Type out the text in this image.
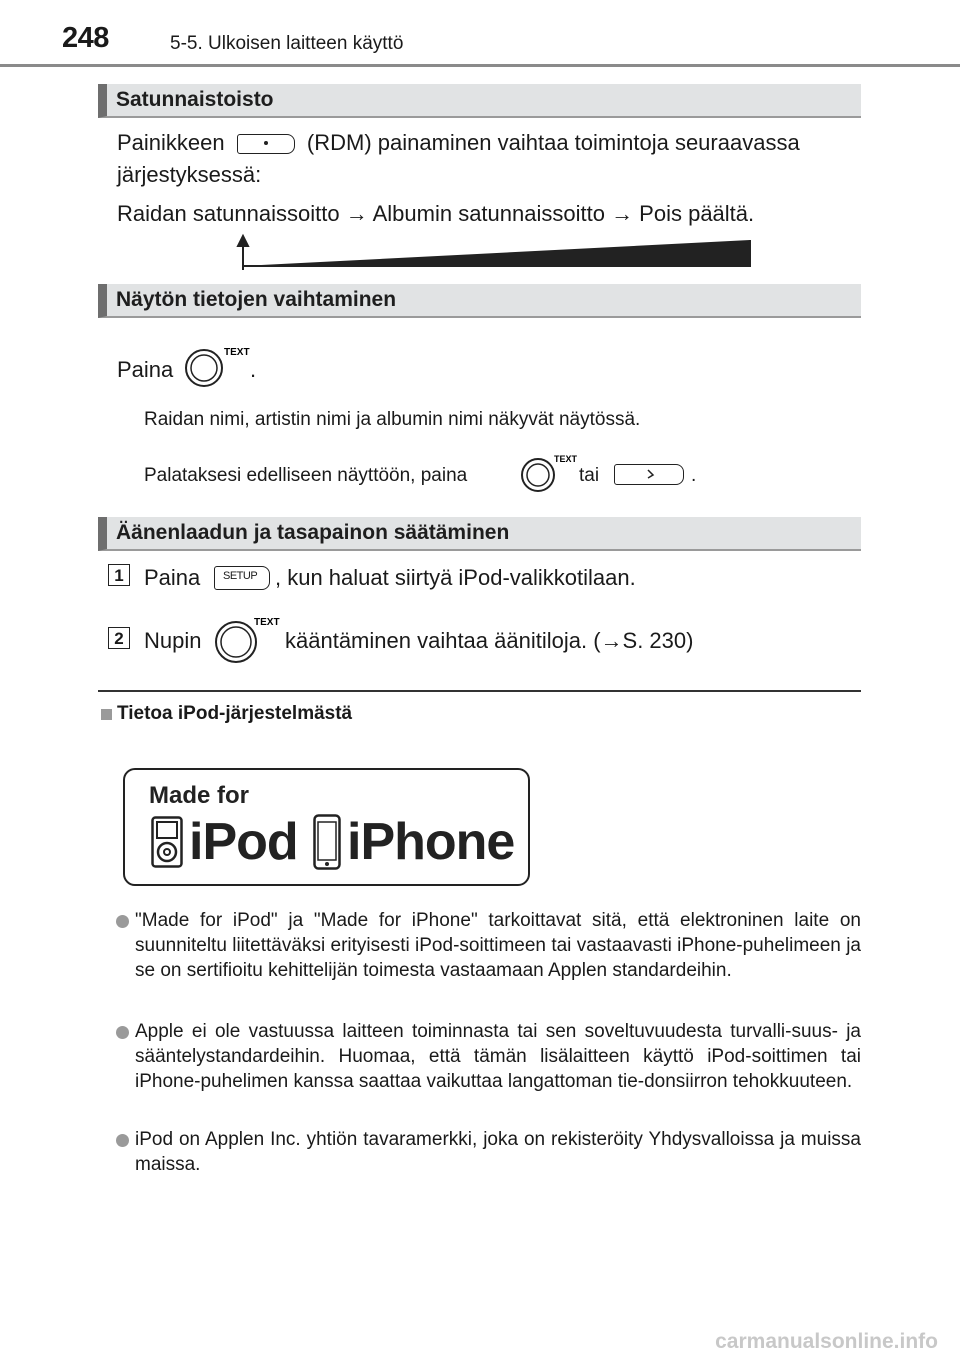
248	5-5. Ulkoisen laitteen käyttö
Satunnaistoisto
Painikkeen	(RDM) painaminen vaihtaa toimintoja seuraavassa
järjestyksessä:
Raidan satunnaissoitto → Albumin satunnaissoitto → Pois päältä.
Näytön tietojen vaihtaminen
Paina
TEXT
.
Raidan nimi, artistin nimi ja albumin nimi näkyvät näytössä.
Palataksesi edelliseen näyttöön, paina
TEXT
tai	.
Äänenlaadun ja tasapainon säätäminen
1 Paina SETUP , kun haluat siirtyä iPod-valikkotilaan.
2 Nupin
TEXT
kääntäminen vaihtaa äänitiloja. (→S. 230)
Tietoa iPod-järjestelmästä
Made for
iPod iPhone
"Made for iPod" ja "Made for iPhone" tarkoittavat sitä, että elektroninen laite on suunniteltu liitettäväksi erityisesti iPod-soittimeen tai vastaavasti iPhone-puhelimeen ja se on sertifioitu kehittelijän toimesta vastaamaan Applen standardeihin.
Apple ei ole vastuussa laitteen toiminnasta tai sen soveltuvuudesta turvalli-suus- ja sääntelystandardeihin. Huomaa, että tämän lisälaitteen käyttö iPod-soittimen tai iPhone-puhelimen kanssa saattaa vaikuttaa langattoman tie-donsiirron tehokkuuteen.
iPod on Applen Inc. yhtiön tavaramerkki, joka on rekisteröity Yhdysvalloissa ja muissa maissa.
carmanualsonline.info
